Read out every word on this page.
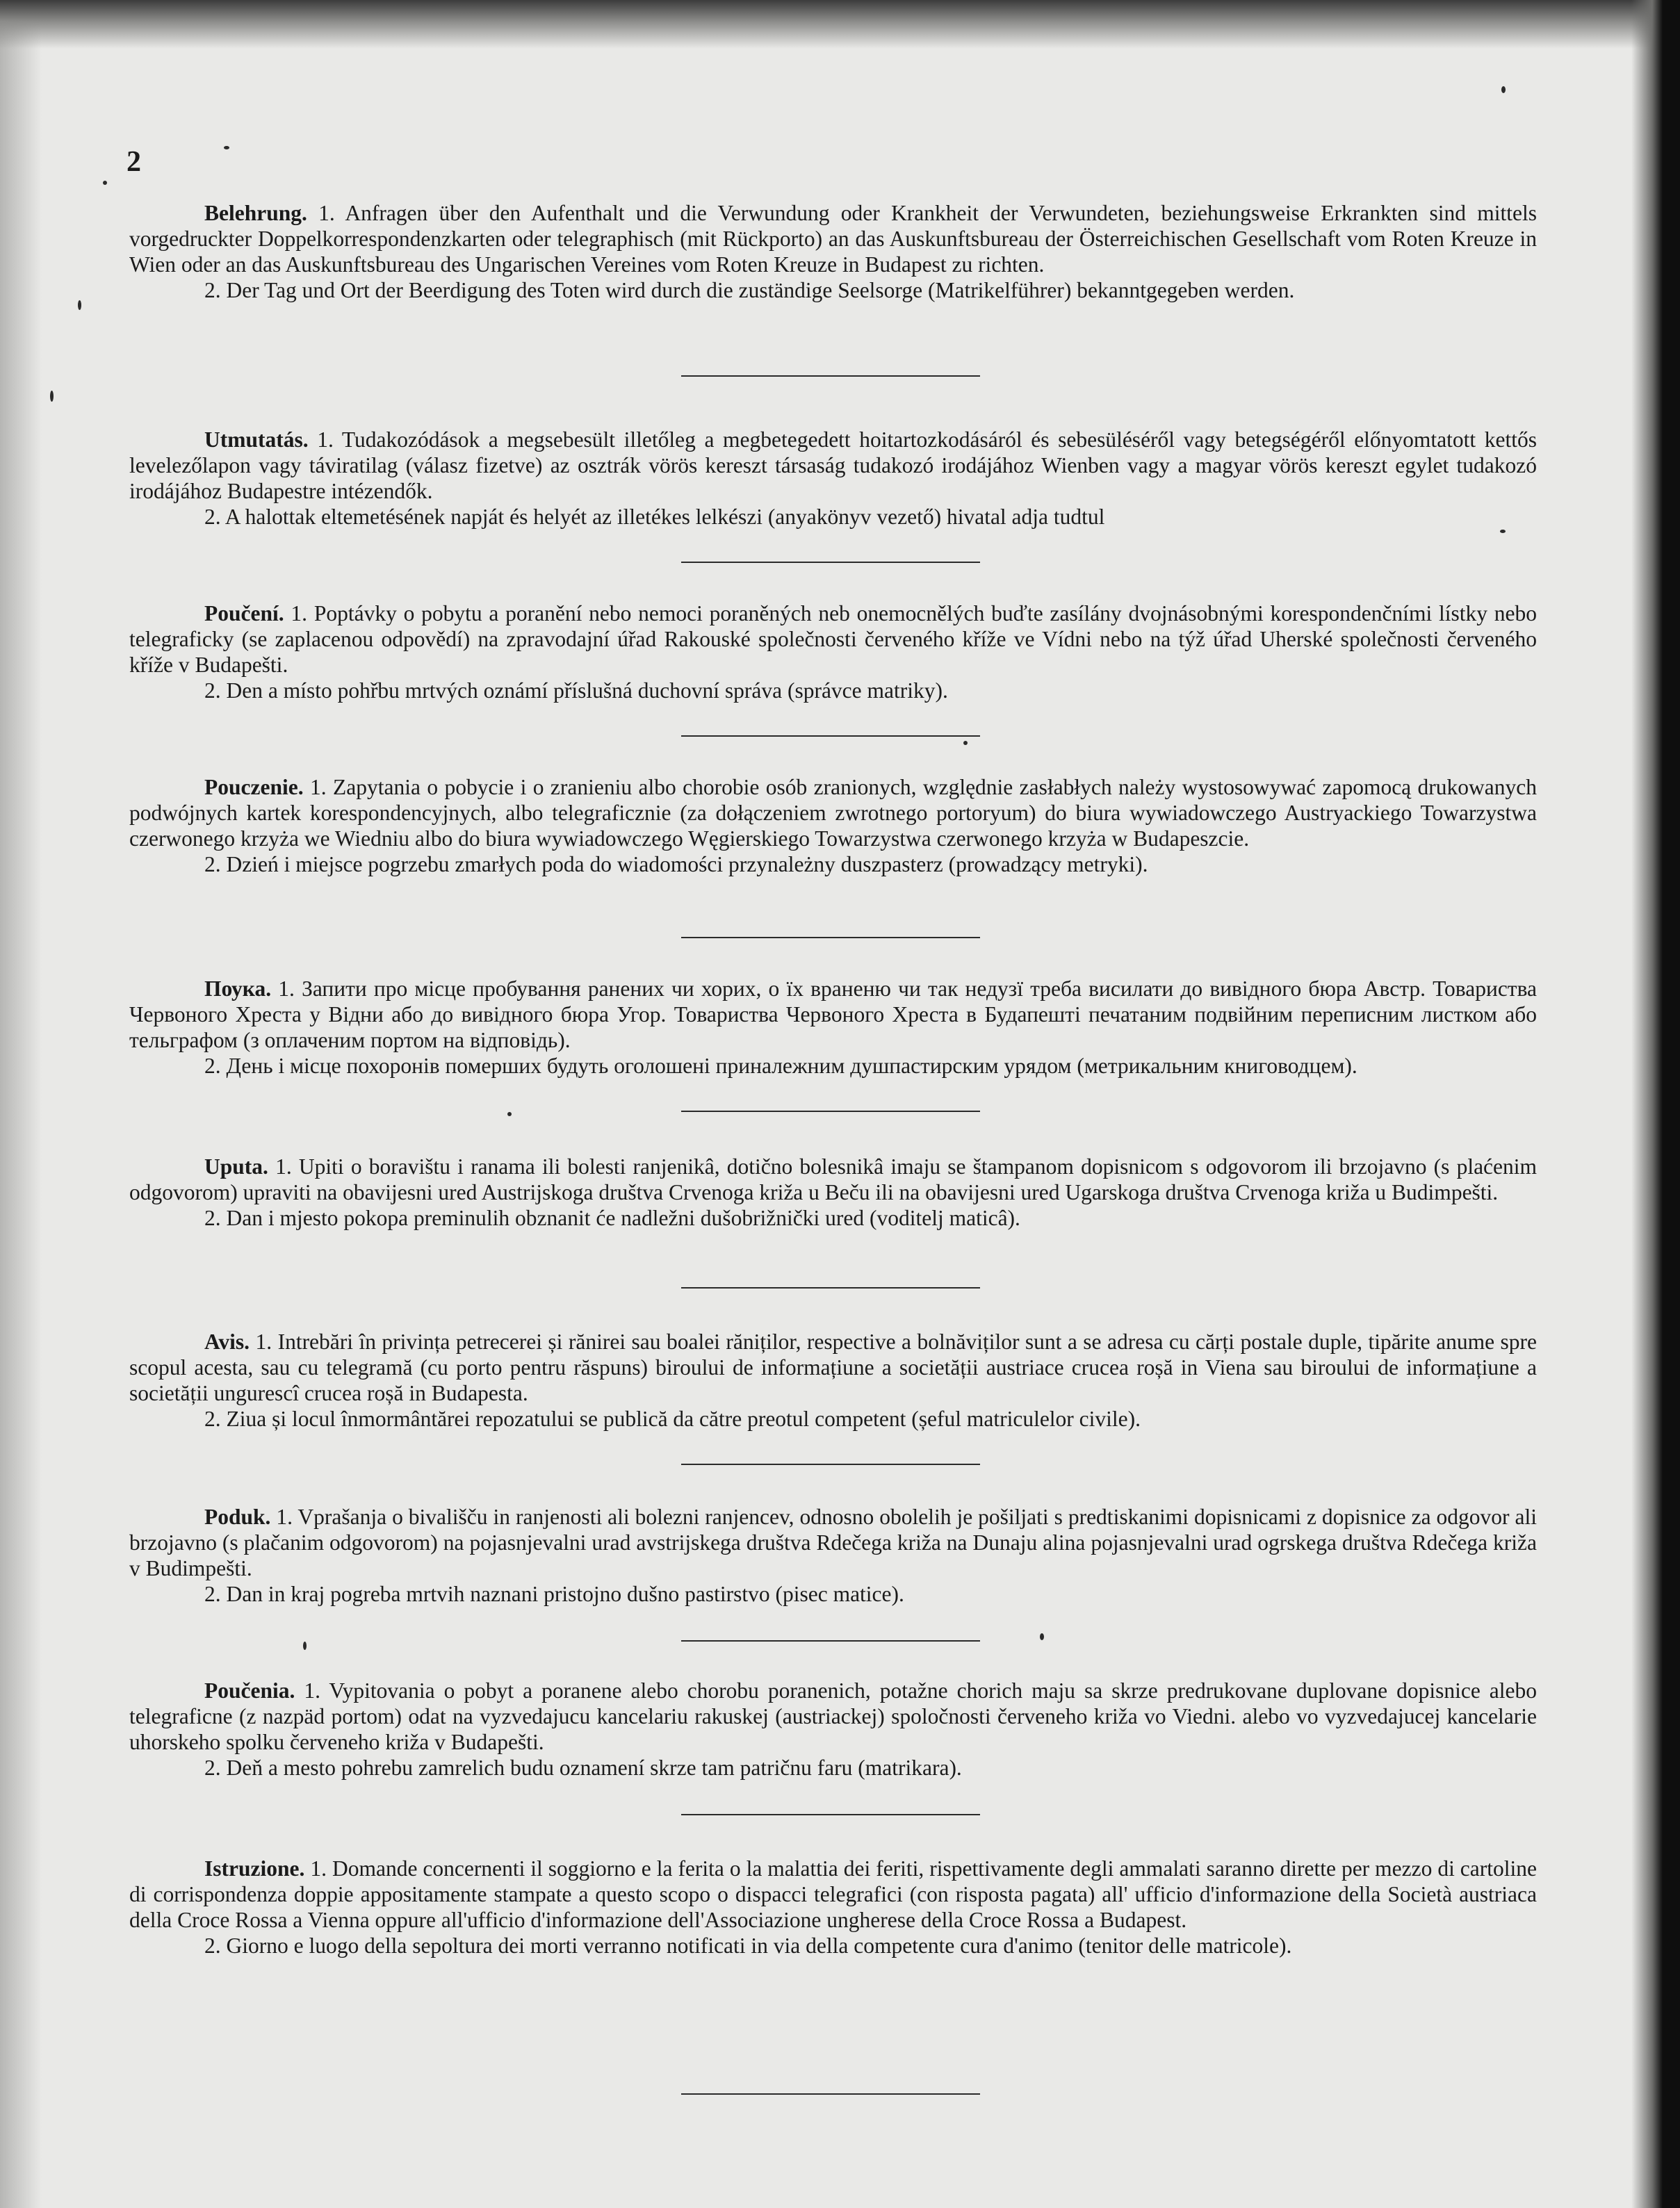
2

Belehrung. 1. Anfragen über den Aufenthalt und die Verwundung oder Krankheit der Verwundeten, beziehungsweise Erkrankten sind mittels vorgedruckter Doppelkorrespondenzkarten oder telegraphisch (mit Rückporto) an das Auskunftsbureau der Österreichischen Gesellschaft vom Roten Kreuze in Wien oder an das Auskunftsbureau des Ungarischen Vereines vom Roten Kreuze in Budapest zu richten.

2. Der Tag und Ort der Beerdigung des Toten wird durch die zuständige Seelsorge (Matrikelführer) bekanntgegeben werden.

Utmutatás. 1. Tudakozódások a megsebesült illetőleg a megbetegedett hoitartozkodásáról és sebesüléséről vagy betegségéről előnyomtatott kettős levelezőlapon vagy táviratilag (válasz fizetve) az osztrák vörös kereszt társaság tudakozó irodájához Wienben vagy a magyar vörös kereszt egylet tudakozó irodájához Budapestre intézendők.

2. A halottak eltemetésének napját és helyét az illetékes lelkészi (anyakönyv vezető) hivatal adja tudtul

Poučení. 1. Poptávky o pobytu a poranění nebo nemoci poraněných neb onemocnělých buďte zasílány dvojnásobnými korespondenčními lístky nebo telegraficky (se zaplacenou odpovědí) na zpravodajní úřad Rakouské společnosti červeného kříže ve Vídni nebo na týž úřad Uherské společnosti červeného kříže v Budapešti.

2. Den a místo pohřbu mrtvých oznámí příslušná duchovní správa (správce matriky).

Pouczenie. 1. Zapytania o pobycie i o zranieniu albo chorobie osób zranionych, względnie zasłabłych należy wystosowywać zapomocą drukowanych podwójnych kartek korespondencyjnych, albo telegraficznie (za dołączeniem zwrotnego portoryum) do biura wywiadowczego Austryackiego Towarzystwa czerwonego krzyża we Wiedniu albo do biura wywiadowczego Węgierskiego Towarzystwa czerwonego krzyża w Budapeszcie.

2. Dzień i miejsce pogrzebu zmarłych poda do wiadomości przynależny duszpasterz (prowadzący metryki).

Поука. 1. Запити про місце пробування ранених чи хорих, о їх враненю чи так недузї треба висилати до вивідного бюра Австр. Товариства Червоного Хреста у Відни або до вивідного бюра Угор. Товариства Червоного Хреста в Будапешті печатаним подвійним переписним листком або тельграфом (з оплаченим портом на відповідь).

2. День і місце похоронів померших будуть оголошені приналежним душпастирским урядом (метрикальним книговодцем).

Uputa. 1. Upiti o boravištu i ranama ili bolesti ranjenikâ, dotično bolesnikâ imaju se štampanom dopisnicom s odgovorom ili brzojavno (s plaćenim odgovorom) upraviti na obavijesni ured Austrijskoga društva Crvenoga križa u Beču ili na obavijesni ured Ugarskoga društva Crvenoga križa u Budimpešti.

2. Dan i mjesto pokopa preminulih obznanit će nadležni dušobrižnički ured (voditelj maticâ).

Avis. 1. Intrebări în privința petrecerei și rănirei sau boalei răniților, respective a bolnăviților sunt a se adresa cu cărți postale duple, tipărite anume spre scopul acesta, sau cu telegramă (cu porto pentru răspuns) biroului de informațiune a societății austriace crucea roșă in Viena sau biroului de informațiune a societății ungurescî crucea roșă in Budapesta.

2. Ziua și locul înmormântărei repozatului se publică da către preotul competent (șeful matriculelor civile).

Poduk. 1. Vprašanja o bivališču in ranjenosti ali bolezni ranjencev, odnosno obolelih je pošiljati s predtiskanimi dopisnicami z dopisnice za odgovor ali brzojavno (s plačanim odgovorom) na pojasnjevalni urad avstrijskega društva Rdečega križa na Dunaju alina pojasnjevalni urad ogrskega društva Rdečega križa v Budimpešti.

2. Dan in kraj pogreba mrtvih naznani pristojno dušno pastirstvo (pisec matice).

Poučenia. 1. Vypitovania o pobyt a poranene alebo chorobu poranenich, potažne chorich maju sa skrze predrukovane duplovane dopisnice alebo telegraficne (z nazpäd portom) odat na vyzvedajucu kancelariu rakuskej (austriackej) spoločnosti červeneho križa vo Viedni. alebo vo vyzvedajucej kancelarie uhorskeho spolku červeneho križa v Budapešti.

2. Deň a mesto pohrebu zamrelich budu oznamení skrze tam patričnu faru (matrikara).

Istruzione. 1. Domande concernenti il soggiorno e la ferita o la malattia dei feriti, rispettivamente degli ammalati saranno dirette per mezzo di cartoline di corrispondenza doppie appositamente stampate a questo scopo o dispacci telegrafici (con risposta pagata) all' ufficio d'informazione della Società austriaca della Croce Rossa a Vienna oppure all'ufficio d'informazione dell'Associazione ungherese della Croce Rossa a Budapest.

2. Giorno e luogo della sepoltura dei morti verranno notificati in via della competente cura d'animo (tenitor delle matricole).
